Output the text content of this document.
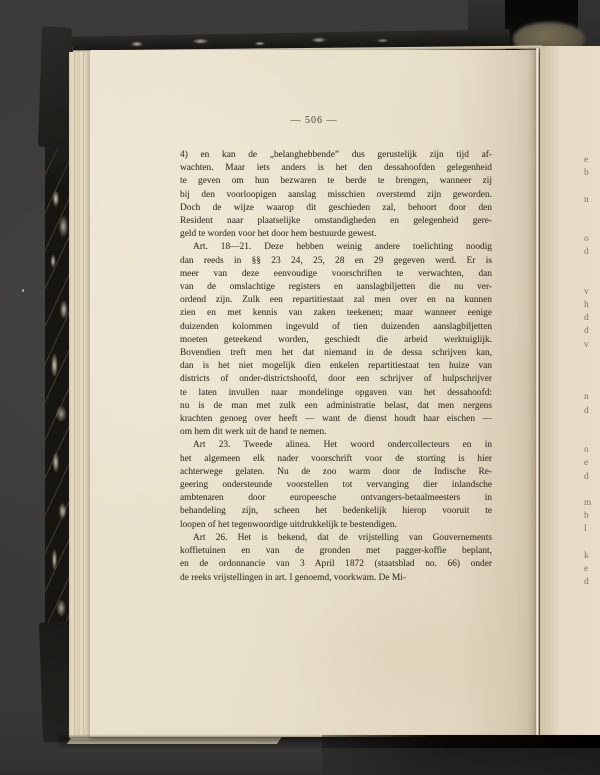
— 506 —
4) en kan de „belanghebbende” dus gerustelijk zijn tijd af-
wachten. Maar iets anders is het den dessahoofden gelegenheid
te geven om hun bezwaren te berde te brengen, wanneer zij
bij den voorloopigen aanslag misschien overstemd zijn geworden.
Doch de wijze waarop dit geschieden zal, behoort door den
Resident naar plaatselijke omstandigheden en gelegenheid gere-
geld te worden voor het door hem bestuurde gewest.
Art. 18—21. Deze hebben weinig andere toelichting noodig
dan reeds in §§ 23 24, 25, 28 en 29 gegeven werd. Er is
meer van deze eenvoudige voorschriften te verwachten, dan
van de omslachtige registers en aanslagbiljetten die nu ver-
ordend zijn. Zulk een repartitiestaat zal men over en na kunnen
zien en met kennis van zaken teekenen; maar wanneer eenige
duizenden kolommen ingevuld of tien duizenden aanslagbiljetten
moeten geteekend worden, geschiedt die arbeid werktuiglijk.
Bovendien treft men het dat niemand in de dessa schrijven kan,
dan is het niet mogelijk dien enkelen repartitiestaat ten huize van
districts of onder-districtshoofd, door een schrijver of hulpschrijver
te laten invullen naar mondelinge opgaven van het dessahoofd:
nu is de man met zulk een administratie belast, dat men nergens
krachten genoeg over heeft — want de dienst houdt haar eischen —
om hem dit werk uit de hand te nemen.
Art 23. Tweede alinea. Het woord ondercollecteurs en in
het algemeen elk nader voorschrift voor de storting is hier
achterwege gelaten. Nu de zoo warm door de Indische Re-
geering ondersteunde voorstellen tot vervanging dier inlandsche
ambtenaren door europeesche ontvangers-betaalmeesters in
behandeling zijn, scheen het bedenkelijk hierop vooruit te
loopen of het tegenwoordige uitdrukkelijk te bestendigen.
Art 26. Het is bekend, dat de vrijstelling van Gouvernements
koffietuinen en van de gronden met pagger-koffie beplant,
en de ordonnancie van 3 April 1872 (staatsblad no. 66) onder
de reeks vrijstellingen in art. I genoemd, voorkwam. De Mi-
e
b
n
o
d
v
h
d
d
v
n
d
o
e
d
m
b
l
k
e
d
